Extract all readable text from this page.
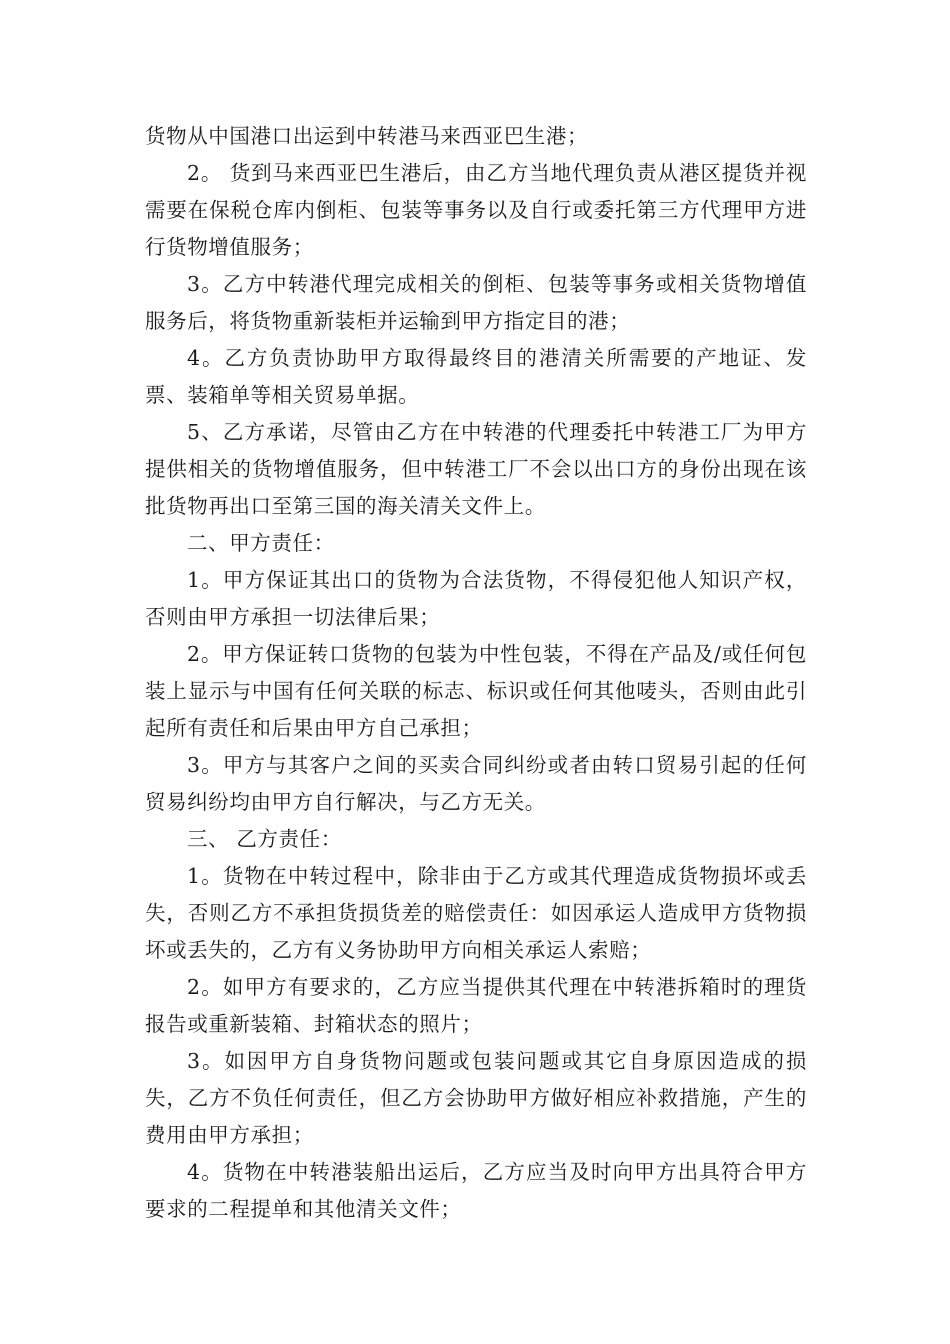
货物从中国港口出运到中转港马来西亚巴生港；

2。 货到马来西亚巴生港后，由乙方当地代理负责从港区提货并视需要在保税仓库内倒柜、包装等事务以及自行或委托第三方代理甲方进行货物增值服务；

3。乙方中转港代理完成相关的倒柜、包装等事务或相关货物增值服务后，将货物重新装柜并运输到甲方指定目的港；

4。乙方负责协助甲方取得最终目的港清关所需要的产地证、发票、装箱单等相关贸易单据。

5、乙方承诺，尽管由乙方在中转港的代理委托中转港工厂为甲方提供相关的货物增值服务，但中转港工厂不会以出口方的身份出现在该批货物再出口至第三国的海关清关文件上。

二、甲方责任：

1。甲方保证其出口的货物为合法货物，不得侵犯他人知识产权，否则由甲方承担一切法律后果；

2。甲方保证转口货物的包装为中性包装，不得在产品及/或任何包装上显示与中国有任何关联的标志、标识或任何其他唛头，否则由此引起所有责任和后果由甲方自己承担；

3。甲方与其客户之间的买卖合同纠纷或者由转口贸易引起的任何贸易纠纷均由甲方自行解决，与乙方无关。

三、 乙方责任：

1。货物在中转过程中，除非由于乙方或其代理造成货物损坏或丢失，否则乙方不承担货损货差的赔偿责任：如因承运人造成甲方货物损坏或丢失的，乙方有义务协助甲方向相关承运人索赔；

2。如甲方有要求的，乙方应当提供其代理在中转港拆箱时的理货报告或重新装箱、封箱状态的照片；

3。如因甲方自身货物问题或包装问题或其它自身原因造成的损失，乙方不负任何责任，但乙方会协助甲方做好相应补救措施，产生的费用由甲方承担；

4。货物在中转港装船出运后，乙方应当及时向甲方出具符合甲方要求的二程提单和其他清关文件；
